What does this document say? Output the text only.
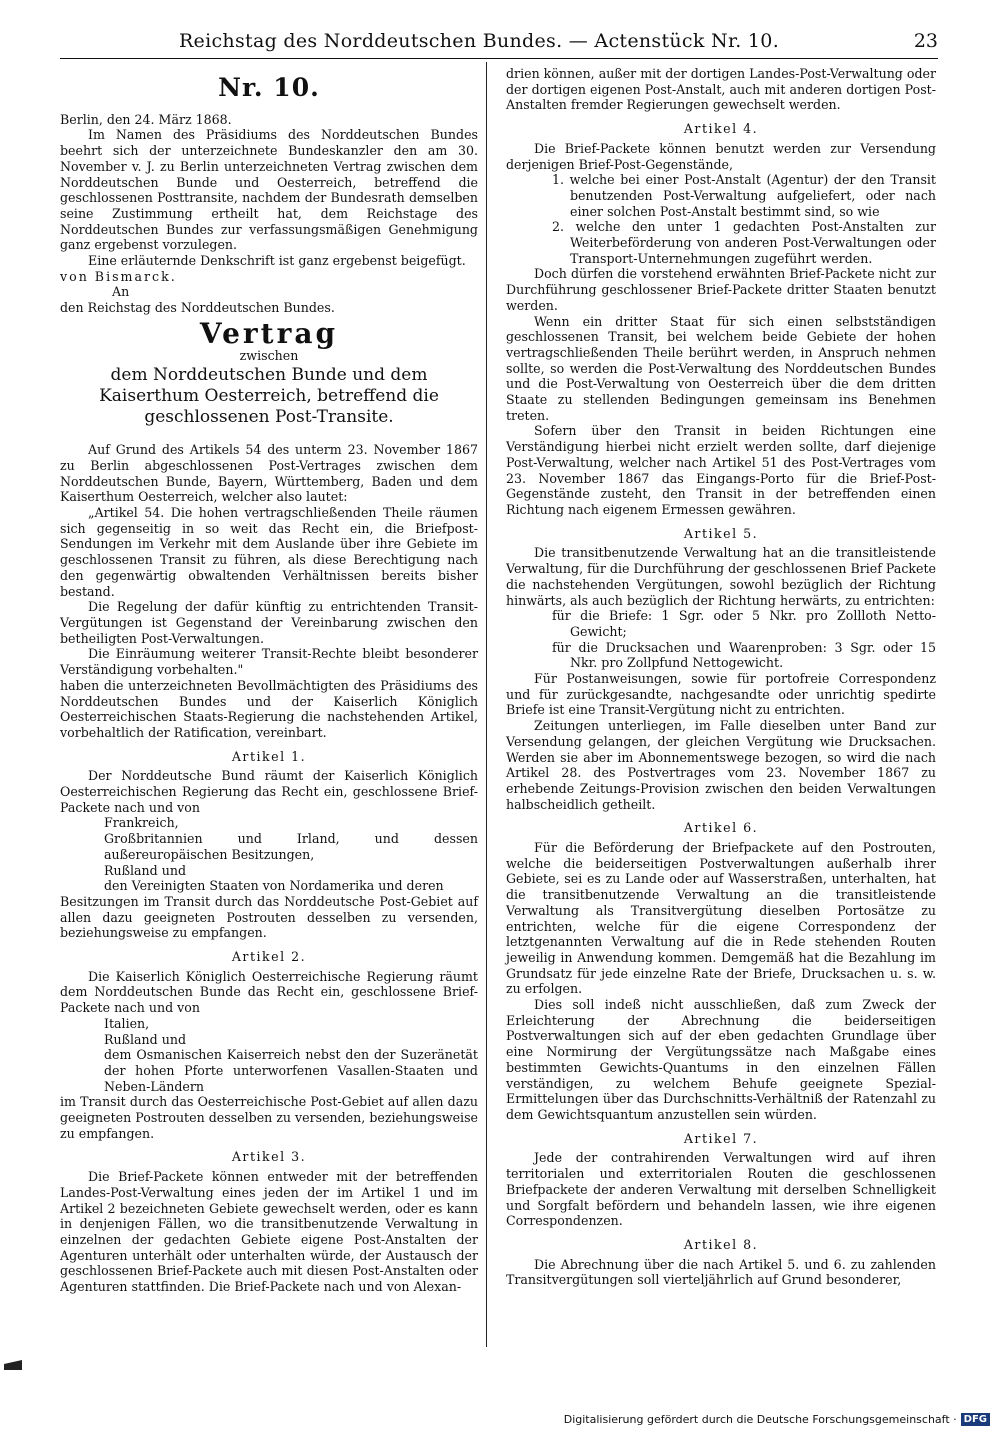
Reichstag des Norddeutschen Bundes. — Actenstück Nr. 10.	23
Nr. 10.

Berlin, den 24. März 1868.

Im Namen des Präsidiums des Norddeutschen Bundes beehrt sich der unterzeichnete Bundeskanzler den am 30. November v. J. zu Berlin unterzeichneten Vertrag zwischen dem Norddeutschen Bunde und Oesterreich, betreffend die geschlossenen Posttransite, nachdem der Bundesrath demselben seine Zustimmung ertheilt hat, dem Reichstage des Norddeutschen Bundes zur verfassungsmäßigen Genehmigung ganz ergebenst vorzulegen.

Eine erläuternde Denkschrift ist ganz ergebenst beigefügt.

von Bismarck.

An

den Reichstag des Norddeutschen Bundes.

Vertrag
zwischen
dem Norddeutschen Bunde und dem Kaiserthum Oesterreich, betreffend die geschlossenen Post-Transite.

Auf Grund des Artikels 54 des unterm 23. November 1867 zu Berlin abgeschlossenen Post-Vertrages zwischen dem Norddeutschen Bunde, Bayern, Württemberg, Baden und dem Kaiserthum Oesterreich, welcher also lautet:

„Artikel 54. Die hohen vertragschließenden Theile räumen sich gegenseitig in so weit das Recht ein, die Briefpost-Sendungen im Verkehr mit dem Auslande über ihre Gebiete im geschlossenen Transit zu führen, als diese Berechtigung nach den gegenwärtig obwaltenden Verhältnissen bereits bisher bestand.

Die Regelung der dafür künftig zu entrichtenden Transit-Vergütungen ist Gegenstand der Vereinbarung zwischen den betheiligten Post-Verwaltungen.

Die Einräumung weiterer Transit-Rechte bleibt besonderer Verständigung vorbehalten."

haben die unterzeichneten Bevollmächtigten des Präsidiums des Norddeutschen Bundes und der Kaiserlich Königlich Oesterreichischen Staats-Regierung die nachstehenden Artikel, vorbehaltlich der Ratification, vereinbart.

Artikel 1.

Der Norddeutsche Bund räumt der Kaiserlich Königlich Oesterreichischen Regierung das Recht ein, geschlossene Brief-Packete nach und von

Frankreich,

Großbritannien und Irland, und dessen außereuropäischen Besitzungen,

Rußland und

den Vereinigten Staaten von Nordamerika und deren

Besitzungen im Transit durch das Norddeutsche Post-Gebiet auf allen dazu geeigneten Postrouten desselben zu versenden, beziehungsweise zu empfangen.

Artikel 2.

Die Kaiserlich Königlich Oesterreichische Regierung räumt dem Norddeutschen Bunde das Recht ein, geschlossene Brief-Packete nach und von

Italien,

Rußland und

dem Osmanischen Kaiserreich nebst den der Suzeränetät der hohen Pforte unterworfenen Vasallen-Staaten und Neben-Ländern

im Transit durch das Oesterreichische Post-Gebiet auf allen dazu geeigneten Postrouten desselben zu versenden, beziehungsweise zu empfangen.

Artikel 3.

Die Brief-Packete können entweder mit der betreffenden Landes-Post-Verwaltung eines jeden der im Artikel 1 und im Artikel 2 bezeichneten Gebiete gewechselt werden, oder es kann in denjenigen Fällen, wo die transitbenutzende Verwaltung in einzelnen der gedachten Gebiete eigene Post-Anstalten der Agenturen unterhält oder unterhalten würde, der Austausch der geschlossenen Brief-Packete auch mit diesen Post-Anstalten oder Agenturen stattfinden. Die Brief-Packete nach und von Alexan-

drien können, außer mit der dortigen Landes-Post-Verwaltung oder der dortigen eigenen Post-Anstalt, auch mit anderen dortigen Post-Anstalten fremder Regierungen gewechselt werden.

Artikel 4.

Die Brief-Packete können benutzt werden zur Versendung derjenigen Brief-Post-Gegenstände,

1. welche bei einer Post-Anstalt (Agentur) der den Transit benutzenden Post-Verwaltung aufgeliefert, oder nach einer solchen Post-Anstalt bestimmt sind, so wie

2. welche den unter 1 gedachten Post-Anstalten zur Weiterbeförderung von anderen Post-Verwaltungen oder Transport-Unternehmungen zugeführt werden.

Doch dürfen die vorstehend erwähnten Brief-Packete nicht zur Durchführung geschlossener Brief-Packete dritter Staaten benutzt werden.

Wenn ein dritter Staat für sich einen selbstständigen geschlossenen Transit, bei welchem beide Gebiete der hohen vertragschließenden Theile berührt werden, in Anspruch nehmen sollte, so werden die Post-Verwaltung des Norddeutschen Bundes und die Post-Verwaltung von Oesterreich über die dem dritten Staate zu stellenden Bedingungen gemeinsam ins Benehmen treten.

Sofern über den Transit in beiden Richtungen eine Verständigung hierbei nicht erzielt werden sollte, darf diejenige Post-Verwaltung, welcher nach Artikel 51 des Post-Vertrages vom 23. November 1867 das Eingangs-Porto für die Brief-Post-Gegenstände zusteht, den Transit in der betreffenden einen Richtung nach eigenem Ermessen gewähren.

Artikel 5.

Die transitbenutzende Verwaltung hat an die transitleistende Verwaltung, für die Durchführung der geschlossenen Brief Packete die nachstehenden Vergütungen, sowohl bezüglich der Richtung hinwärts, als auch bezüglich der Richtung herwärts, zu entrichten:

für die Briefe: 1 Sgr. oder 5 Nkr. pro Zollloth Netto-Gewicht;

für die Drucksachen und Waarenproben: 3 Sgr. oder 15 Nkr. pro Zollpfund Nettogewicht.

Für Postanweisungen, sowie für portofreie Correspondenz und für zurückgesandte, nachgesandte oder unrichtig spedirte Briefe ist eine Transit-Vergütung nicht zu entrichten.

Zeitungen unterliegen, im Falle dieselben unter Band zur Versendung gelangen, der gleichen Vergütung wie Drucksachen. Werden sie aber im Abonnementswege bezogen, so wird die nach Artikel 28. des Postvertrages vom 23. November 1867 zu erhebende Zeitungs-Provision zwischen den beiden Verwaltungen halbscheidlich getheilt.

Artikel 6.

Für die Beförderung der Briefpackete auf den Postrouten, welche die beiderseitigen Postverwaltungen außerhalb ihrer Gebiete, sei es zu Lande oder auf Wasserstraßen, unterhalten, hat die transitbenutzende Verwaltung an die transitleistende Verwaltung als Transitvergütung dieselben Portosätze zu entrichten, welche für die eigene Correspondenz der letztgenannten Verwaltung auf die in Rede stehenden Routen jeweilig in Anwendung kommen. Demgemäß hat die Bezahlung im Grundsatz für jede einzelne Rate der Briefe, Drucksachen u. s. w. zu erfolgen.

Dies soll indeß nicht ausschließen, daß zum Zweck der Erleichterung der Abrechnung die beiderseitigen Postverwaltungen sich auf der eben gedachten Grundlage über eine Normirung der Vergütungssätze nach Maßgabe eines bestimmten Gewichts-Quantums in den einzelnen Fällen verständigen, zu welchem Behufe geeignete Spezial-Ermittelungen über das Durchschnitts-Verhältniß der Ratenzahl zu dem Gewichtsquantum anzustellen sein würden.

Artikel 7.

Jede der contrahirenden Verwaltungen wird auf ihren territorialen und exterritorialen Routen die geschlossenen Briefpackete der anderen Verwaltung mit derselben Schnelligkeit und Sorgfalt befördern und behandeln lassen, wie ihre eigenen Correspondenzen.

Artikel 8.

Die Abrechnung über die nach Artikel 5. und 6. zu zahlenden Transitvergütungen soll vierteljährlich auf Grund besonderer,

Digitalisierung gefördert durch die Deutsche Forschungsgemeinschaft · DFG
